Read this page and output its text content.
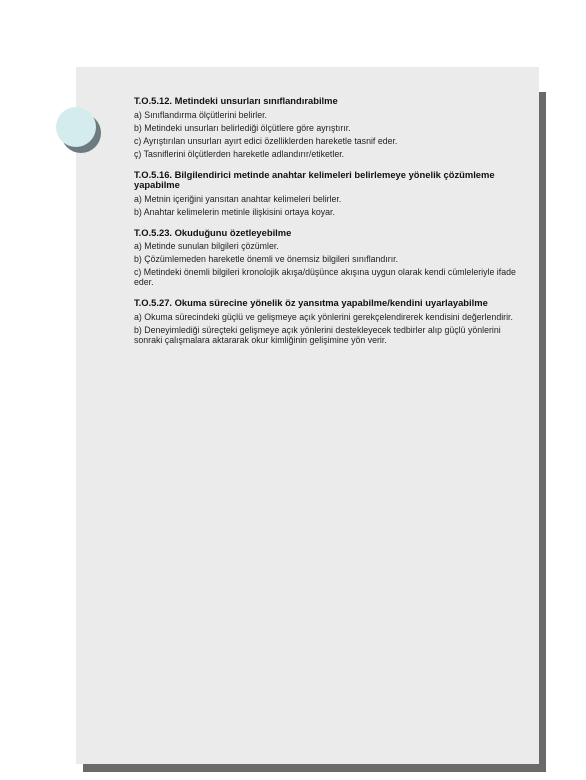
T.O.5.12. Metindeki unsurları sınıflandırabilme
a) Sınıflandırma ölçütlerini belirler.
b) Metindeki unsurları belirlediği ölçütlere göre ayrıştırır.
c) Ayrıştırılan unsurları ayırt edici özelliklerden hareketle tasnif eder.
ç) Tasniflerini ölçütlerden hareketle adlandırır/etiketler.
T.O.5.16. Bilgilendirici metinde anahtar kelimeleri belirlemeye yönelik çözümleme yapabilme
a) Metnin içeriğini yansıtan anahtar kelimeleri belirler.
b) Anahtar kelimelerin metinle ilişkisini ortaya koyar.
T.O.5.23. Okuduğunu özetleyebilme
a) Metinde sunulan bilgileri çözümler.
b) Çözümlemeden hareketle önemli ve önemsiz bilgileri sınıflandırır.
c) Metindeki önemli bilgileri kronolojik akışa/düşünce akışına uygun olarak kendi cümleleriyle ifade eder.
T.O.5.27. Okuma sürecine yönelik öz yansıtma yapabilme/kendini uyarlayabilme
a) Okuma sürecindeki güçlü ve gelişmeye açık yönlerini gerekçelendirerek kendisini değerlendirir.
b) Deneyimlediği süreçteki gelişmeye açık yönlerini destekleyecek tedbirler alıp güçlü yönlerini sonraki çalışmalara aktararak okur kimliğinin gelişimine yön verir.
